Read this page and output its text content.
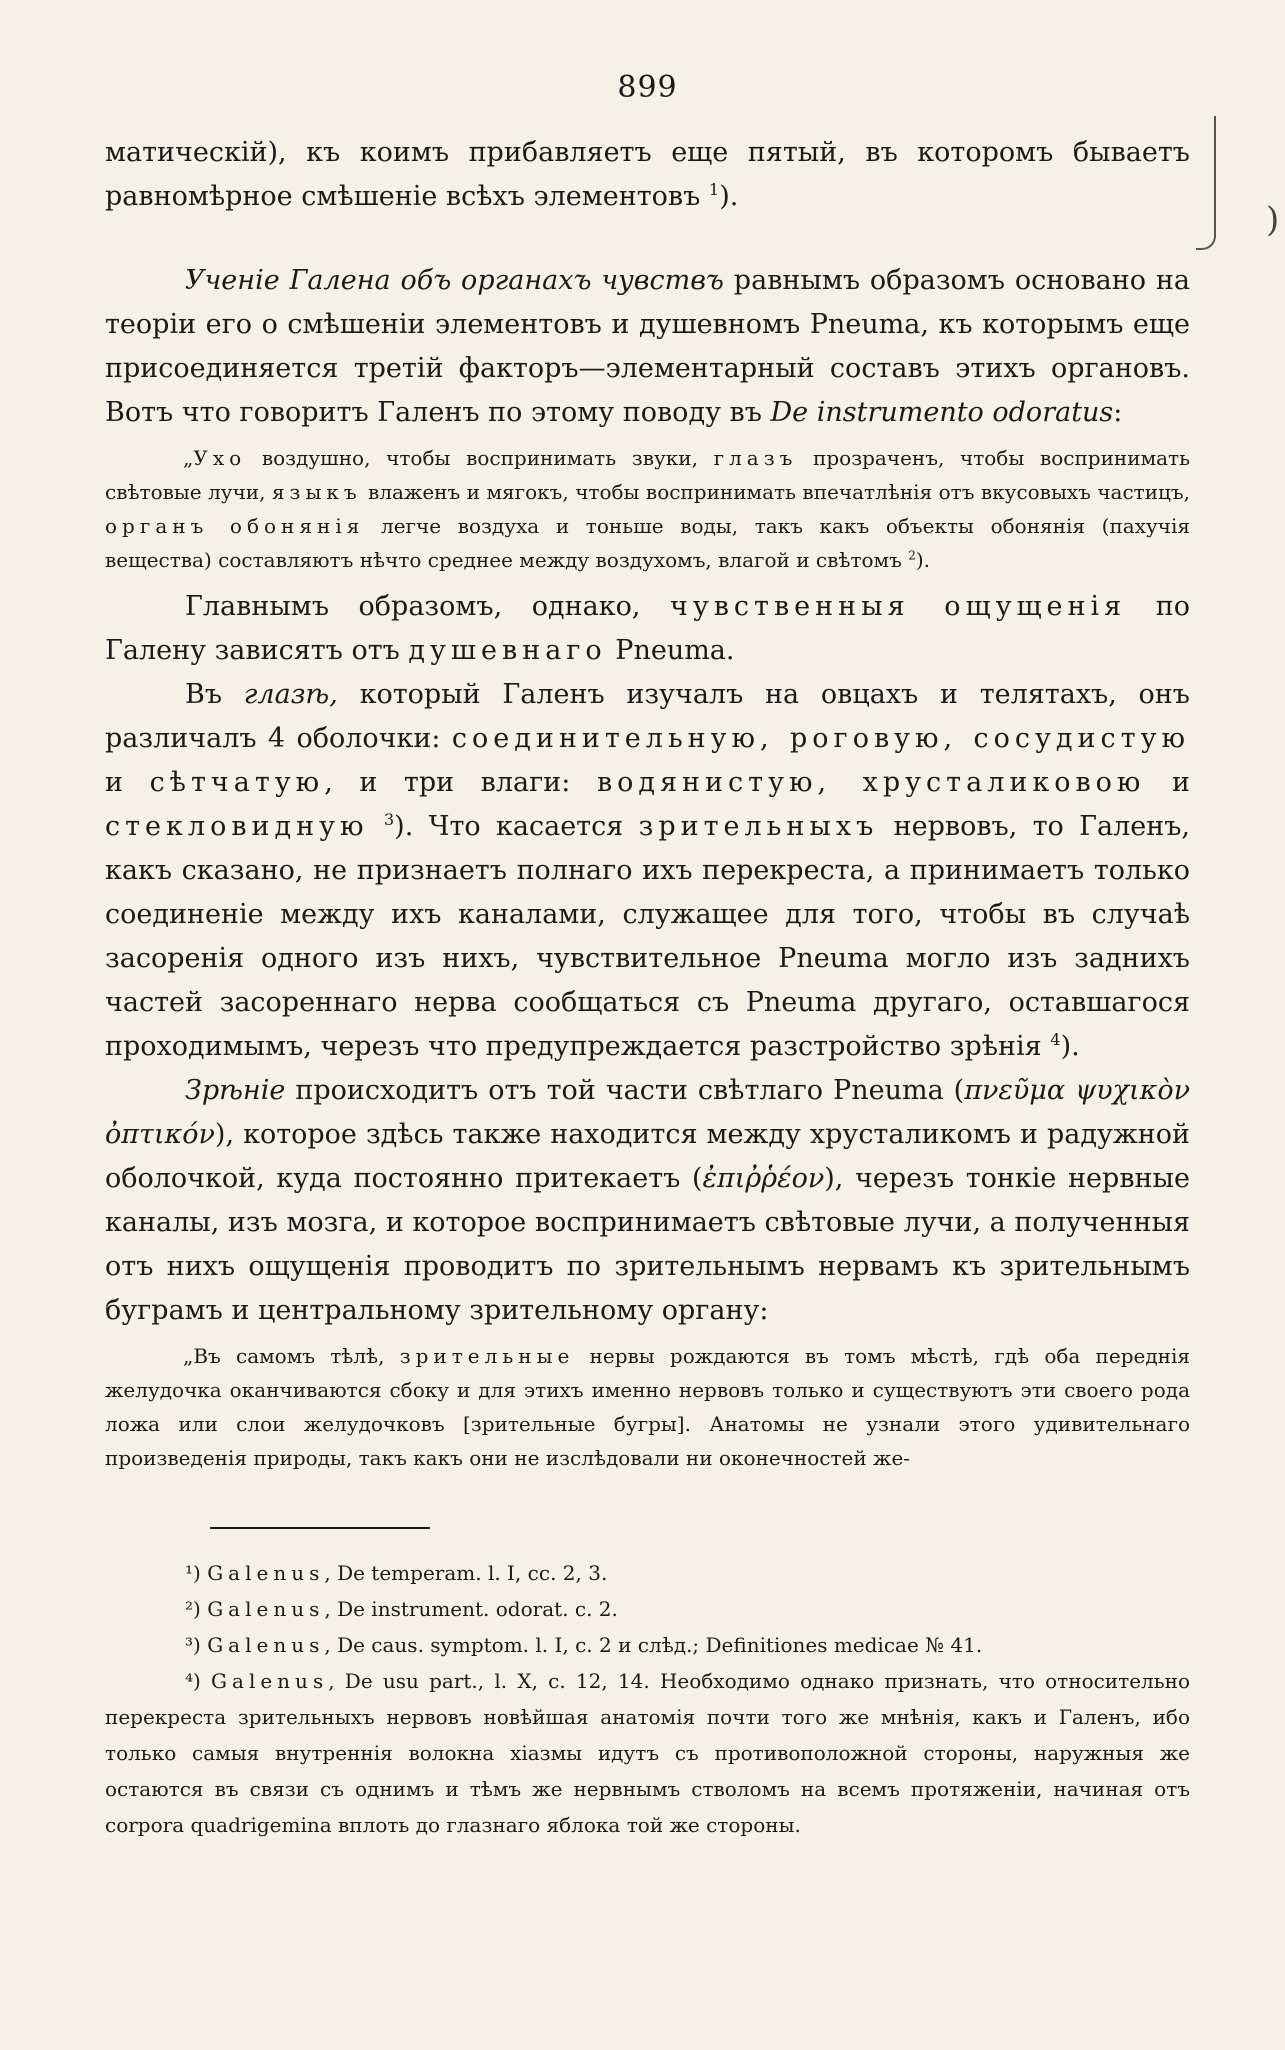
)
899

матическій), къ коимъ прибавляетъ еще пятый, въ которомъ бываетъ равномѣрное смѣшеніе всѣхъ элементовъ $^1$).

Ученіе Галена объ органахъ чувствъ равнымъ образомъ основано на теоріи его о смѣшеніи элементовъ и душевномъ Pneuma, къ которымъ еще присоединяется третій факторъ—элементарный составъ этихъ органовъ. Вотъ что говоритъ Галенъ по этому поводу въ De instrumento odoratus:

„Ухо воздушно, чтобы воспринимать звуки, глазъ прозраченъ, чтобы воспринимать свѣтовые лучи, языкъ влаженъ и мягокъ, чтобы воспринимать впечатлѣнія отъ вкусовыхъ частицъ, органъ обонянія легче воздуха и тоньше воды, такъ какъ объекты обонянія (пахучія вещества) составляютъ нѣчто среднее между воздухомъ, влагой и свѣтомъ $^2$).

Главнымъ образомъ, однако, чувственныя ощущенія по Галену зависятъ отъ душевнаго Pneuma.

Въ глазѣ, который Галенъ изучалъ на овцахъ и телятахъ, онъ различалъ 4 оболочки: соединительную, роговую, сосудистую и сѣтчатую, и три влаги: водянистую, хрусталиковою и стекловидную $^3$). Что касается зрительныхъ нервовъ, то Галенъ, какъ сказано, не признаетъ полнаго ихъ перекреста, а принимаетъ только соединеніе между ихъ каналами, служащее для того, чтобы въ случаѣ засоренія одного изъ нихъ, чувствительное Pneuma могло изъ заднихъ частей засореннаго нерва сообщаться съ Pneuma другаго, оставшагося проходимымъ, черезъ что предупреждается разстройство зрѣнія $^4$).

Зрѣніе происходитъ отъ той части свѣтлаго Pneuma (πνεῦμα ψυχικὸν ὀπτικόν), которое здѣсь также находится между хрусталикомъ и радужной оболочкой, куда постоянно притекаетъ (ἐπιῤῥέον), черезъ тонкіе нервные каналы, изъ мозга, и которое воспринимаетъ свѣтовые лучи, а полученныя отъ нихъ ощущенія проводитъ по зрительнымъ нервамъ къ зрительнымъ буграмъ и центральному зрительному органу:

„Въ самомъ тѣлѣ, зрительные нервы рождаются въ томъ мѣстѣ, гдѣ оба переднія желудочка оканчиваются сбоку и для этихъ именно нервовъ только и существуютъ эти своего рода ложа или слои желудочковъ [зрительные бугры]. Анатомы не узнали этого удивительнаго произведенія природы, такъ какъ они не изслѣдовали ни оконечностей же-

¹) Galenus, De temperam. l. I, cc. 2, 3.

²) Galenus, De instrument. odorat. c. 2.

³) Galenus, De caus. symptom. l. I, c. 2 и слѣд.; Definitiones medicae № 41.

⁴) Galenus, De usu part., l. X, c. 12, 14. Необходимо однако признать, что относительно перекреста зрительныхъ нервовъ новѣйшая анатомія почти того же мнѣнія, какъ и Галенъ, ибо только самыя внутреннія волокна хіазмы идутъ съ противоположной стороны, наружныя же остаются въ связи съ однимъ и тѣмъ же нервнымъ стволомъ на всемъ протяженіи, начиная отъ corpora quadrigemina вплоть до глазнаго яблока той же стороны.
